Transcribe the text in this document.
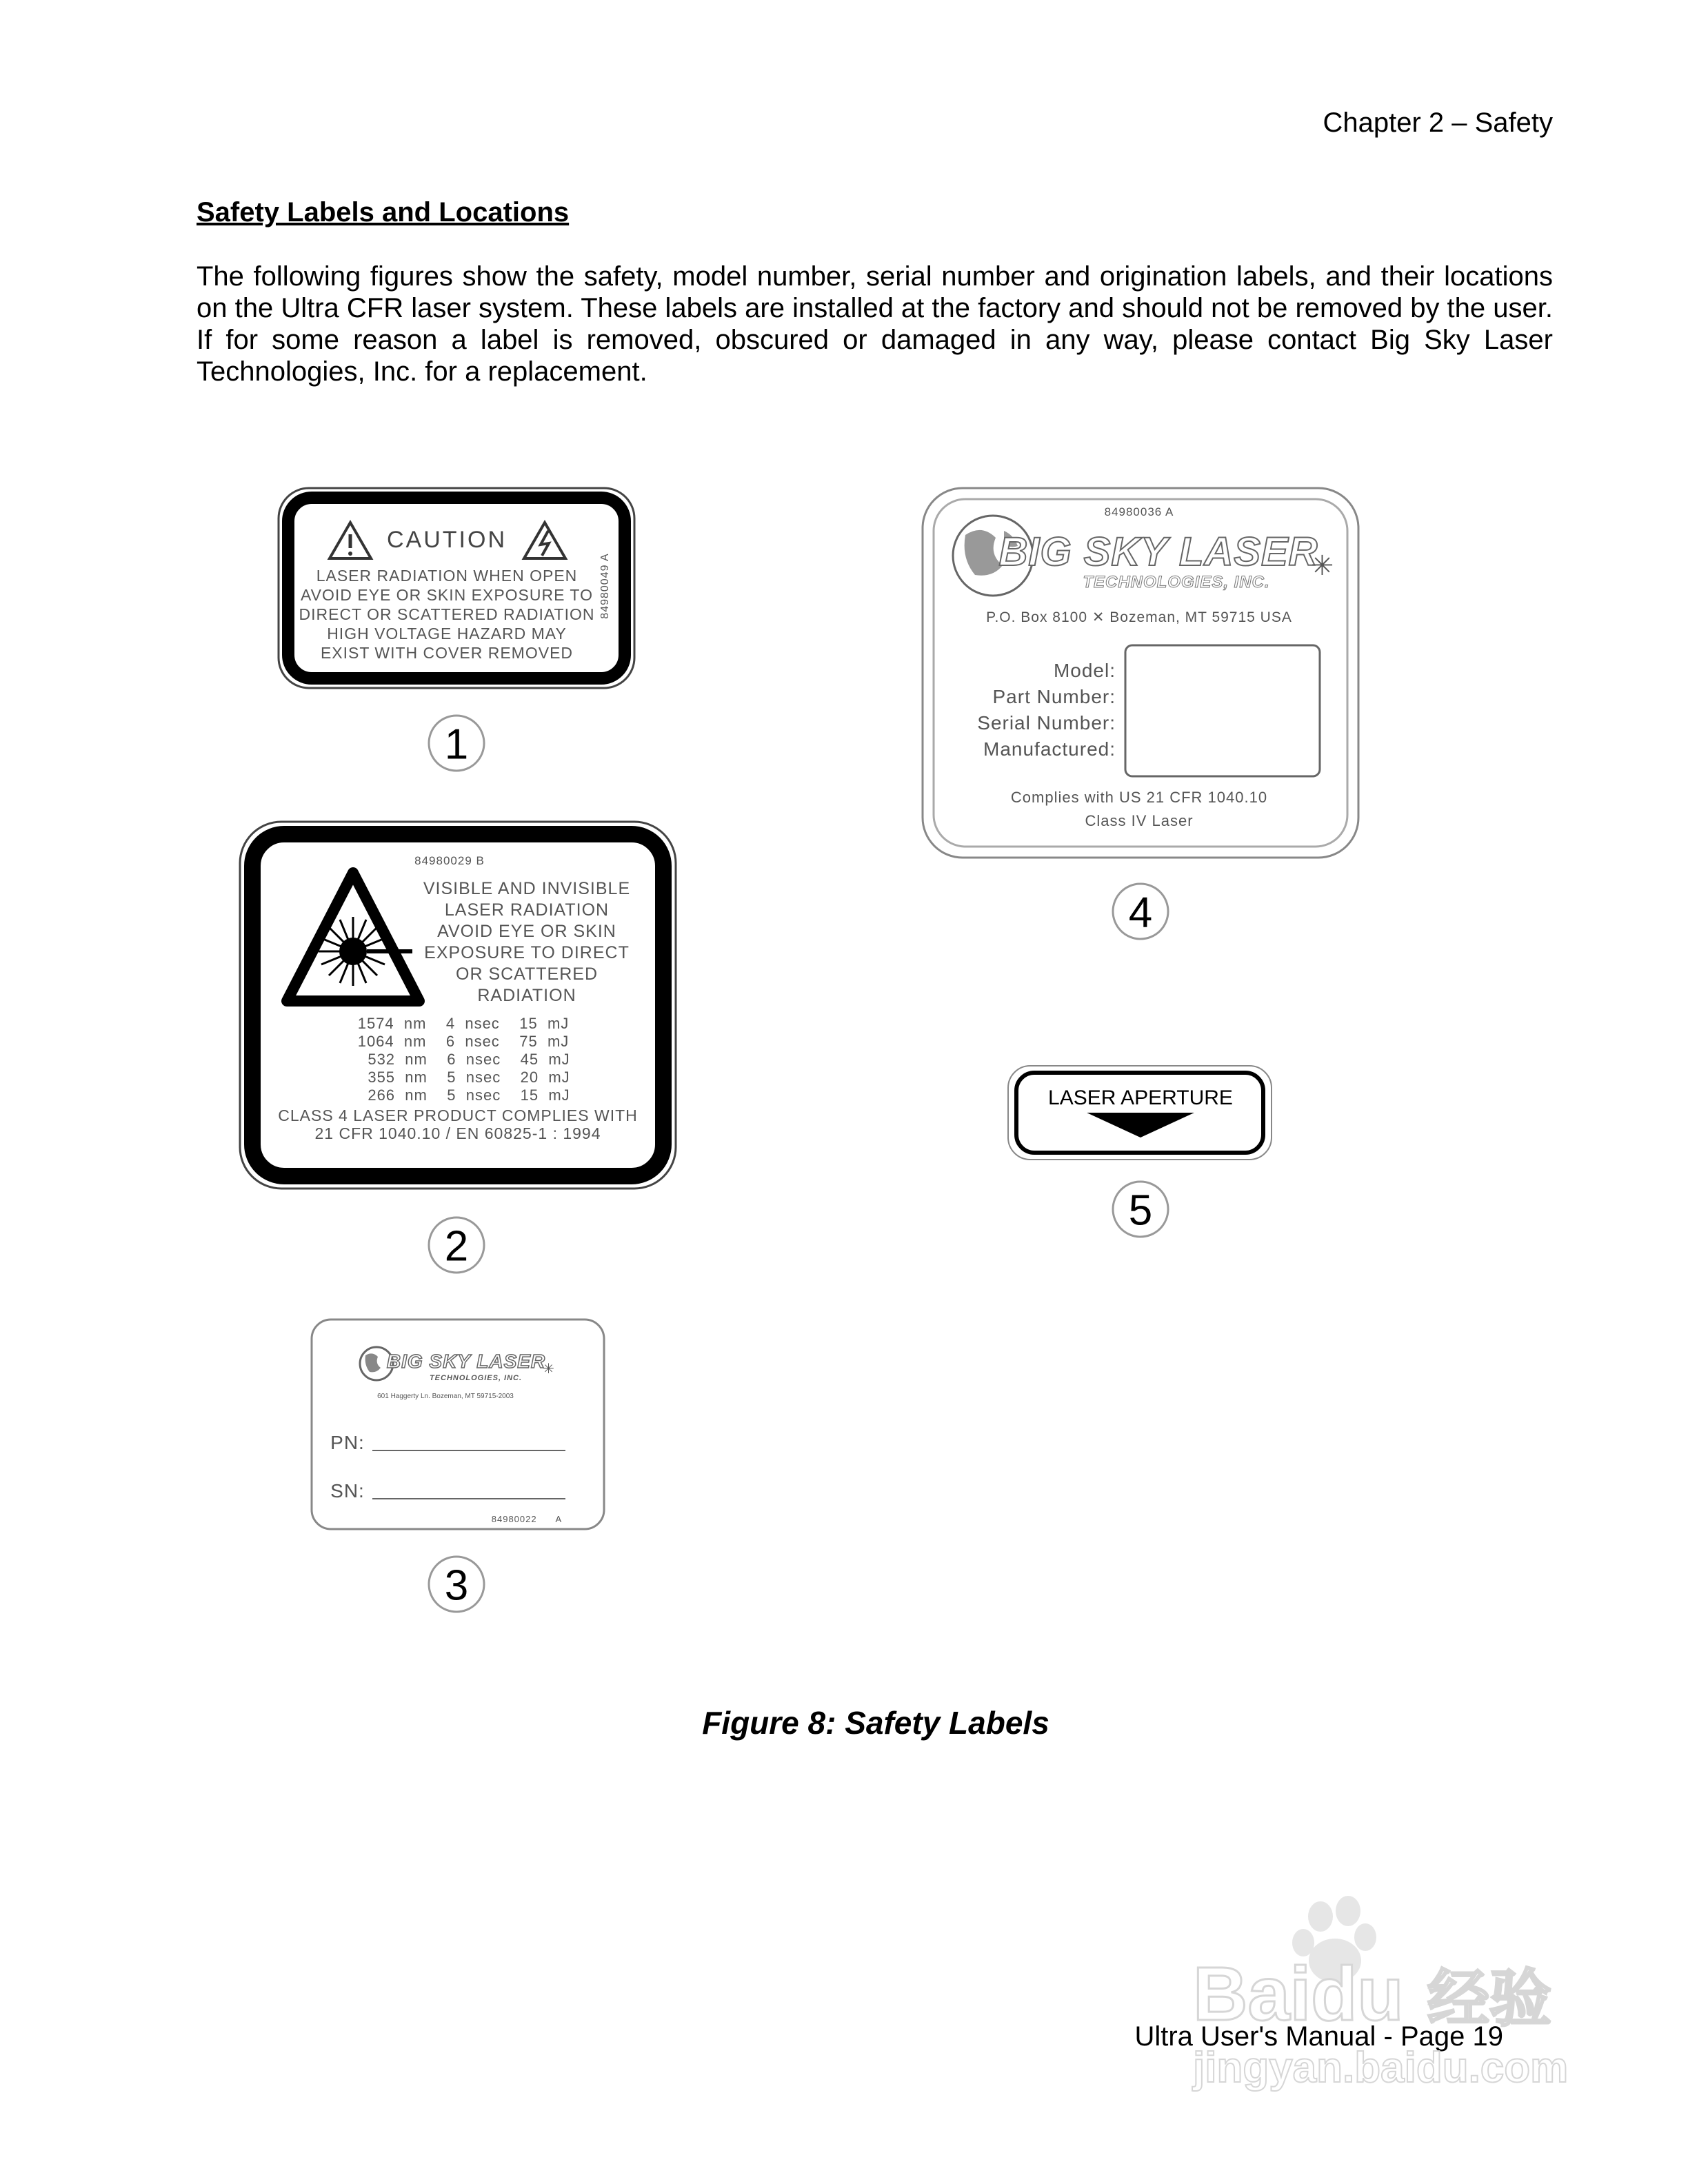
Chapter 2 – Safety
Safety Labels and Locations
The following figures show the safety, model number, serial number and origination labels, and their locations
on the Ultra CFR laser system. These labels are installed at the factory and should not be removed by the user.
If for some reason a label is removed, obscured or damaged in any way, please contact Big Sky Laser
Technologies, Inc. for a replacement.
CAUTION
LASER RADIATION WHEN OPEN
AVOID EYE OR SKIN EXPOSURE TO
DIRECT OR SCATTERED RADIATION
HIGH VOLTAGE HAZARD MAY
EXIST WITH COVER REMOVED
84980049 A
1
84980029 B
VISIBLE AND INVISIBLE
LASER RADIATION
AVOID EYE OR SKIN
EXPOSURE TO DIRECT
OR SCATTERED
RADIATION
1574  nm    4  nsec    15  mJ
1064  nm    6  nsec    75  mJ
532  nm    6  nsec    45  mJ
355  nm    5  nsec    20  mJ
266  nm    5  nsec    15  mJ
CLASS 4 LASER PRODUCT COMPLIES WITH
21 CFR 1040.10 / EN 60825-1 : 1994
2
BIG SKY LASER
TECHNOLOGIES, INC.
✳
601 Haggerty Ln. Bozeman, MT 59715-2003
PN:
SN:
84980022      A
3
84980036 A
BIG SKY LASER
TECHNOLOGIES, INC.
✳
P.O. Box 8100 ✕ Bozeman, MT 59715 USA
Model:
Part Number:
Serial Number:
Manufactured:
Complies with US 21 CFR 1040.10
Class IV Laser
4
LASER APERTURE
5
Figure 8: Safety Labels
Ultra User's Manual - Page 19
Baidu 经验
jingyan.baidu.com
